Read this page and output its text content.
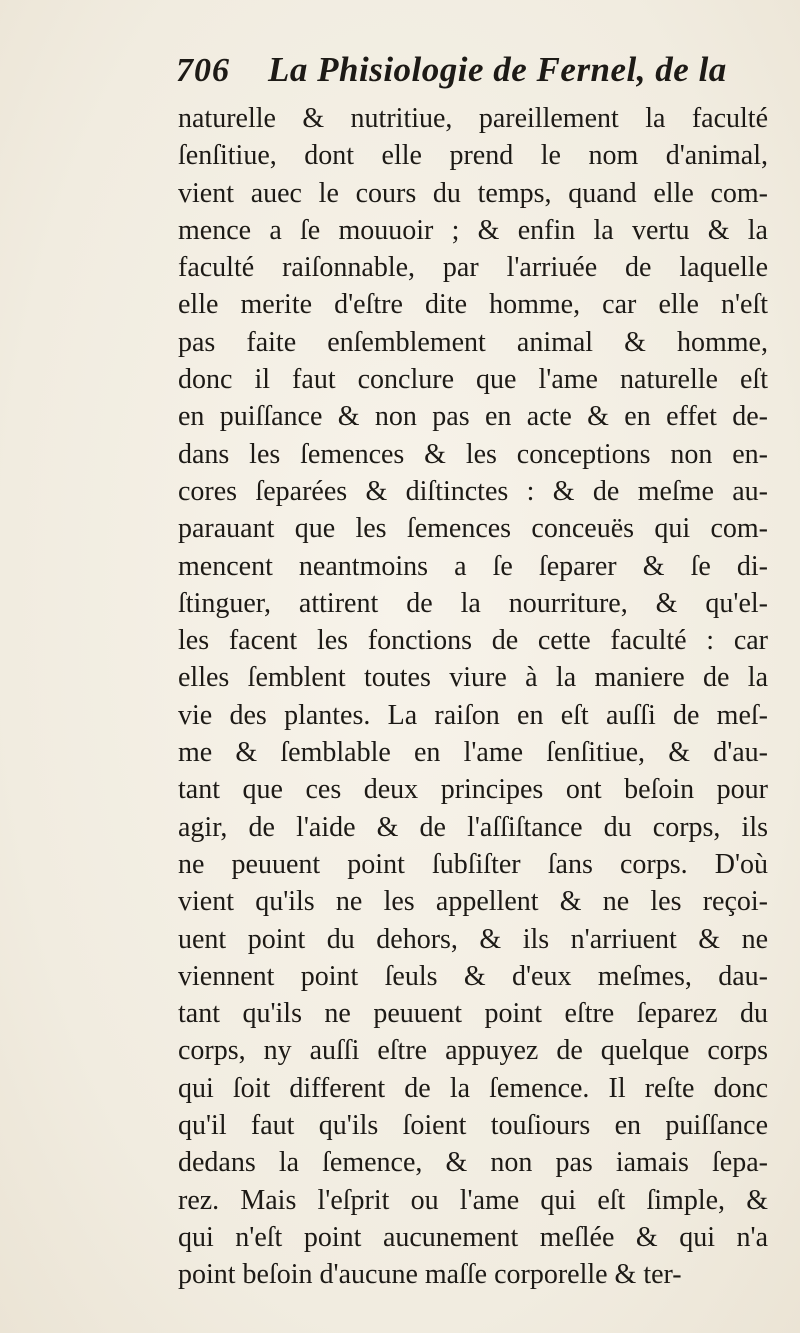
706 La Phisiologie de Fernel, de la
naturelle & nutritiue, pareillement la faculté
ſenſitiue, dont elle prend le nom d'animal,
vient auec le cours du temps, quand elle com-
mence a ſe mouuoir ; & enfin la vertu & la
faculté raiſonnable, par l'arriuée de laquelle
elle merite d'eſtre dite homme, car elle n'eſt
pas faite enſemblement animal & homme,
donc il faut conclure que l'ame naturelle eſt
en puiſſance & non pas en acte & en effet de-
dans les ſemences & les conceptions non en-
cores ſeparées & diſtinctes : & de meſme au-
parauant que les ſemences conceuës qui com-
mencent neantmoins a ſe ſeparer & ſe di-
ſtinguer, attirent de la nourriture, & qu'el-
les facent les fonctions de cette faculté : car
elles ſemblent toutes viure à la maniere de la
vie des plantes. La raiſon en eſt auſſi de meſ-
me & ſemblable en l'ame ſenſitiue, & d'au-
tant que ces deux principes ont beſoin pour
agir, de l'aide & de l'aſſiſtance du corps, ils
ne peuuent point ſubſiſter ſans corps. D'où
vient qu'ils ne les appellent & ne les reçoi-
uent point du dehors, & ils n'arriuent & ne
viennent point ſeuls & d'eux meſmes, dau-
tant qu'ils ne peuuent point eſtre ſeparez du
corps, ny auſſi eſtre appuyez de quelque corps
qui ſoit different de la ſemence. Il reſte donc
qu'il faut qu'ils ſoient touſiours en puiſſance
dedans la ſemence, & non pas iamais ſepa-
rez. Mais l'eſprit ou l'ame qui eſt ſimple, &
qui n'eſt point aucunement meſlée & qui n'a
point beſoin d'aucune maſſe corporelle & ter-
